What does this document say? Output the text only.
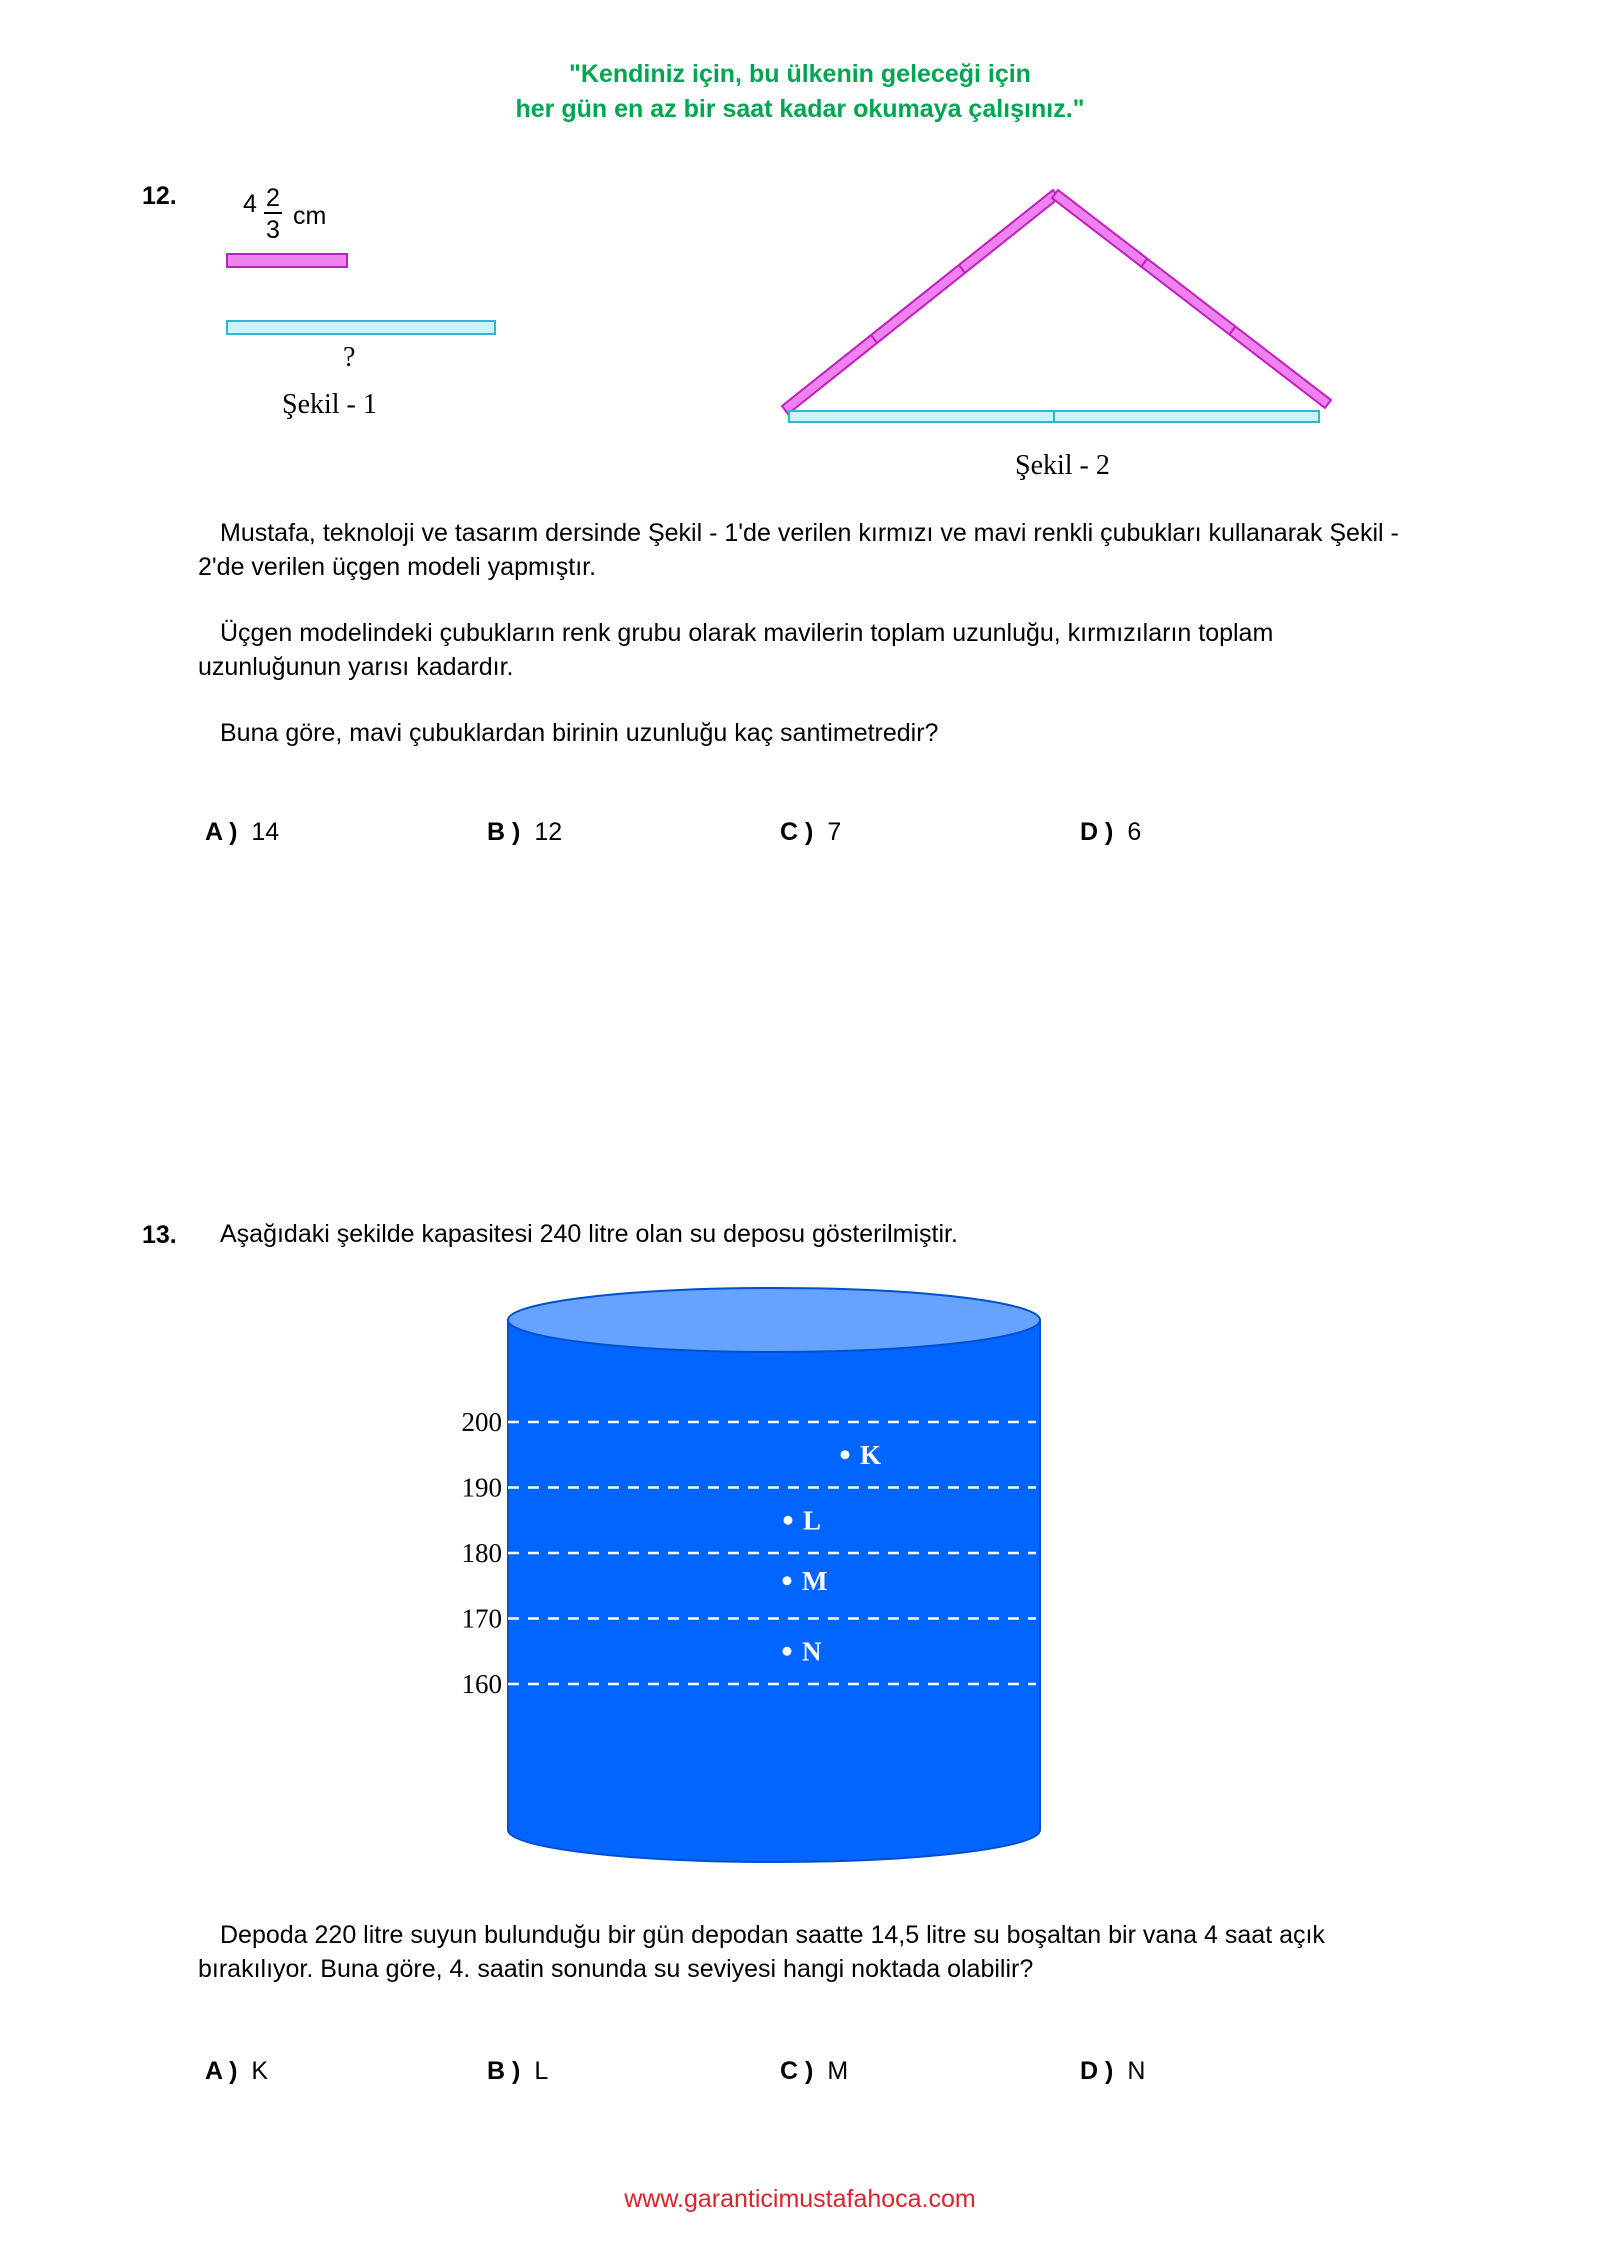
"Kendiniz için, bu ülkenin geleceği için
her gün en az bir saat kadar okumaya çalışınız."
12.	4 2
3 cm
?
Şekil - 1
Şekil - 2
Mustafa, teknoloji ve tasarım dersinde Şekil - 1'de verilen kırmızı ve mavi renkli çubukları kullanarak Şekil - 2'de verilen üçgen modeli yapmıştır.
Üçgen modelindeki çubukların renk grubu olarak mavilerin toplam uzunluğu, kırmızıların toplam uzunluğunun yarısı kadardır.
Buna göre, mavi çubuklardan birinin uzunluğu kaç santimetredir?
A ) 14	B ) 12	C ) 7	D ) 6
13. Aşağıdaki şekilde kapasitesi 240 litre olan su deposu gösterilmiştir.
200
190
180
170
160
K
L
M
N
Depoda 220 litre suyun bulunduğu bir gün depodan saatte 14,5 litre su boşaltan bir vana 4 saat açık bırakılıyor. Buna göre, 4. saatin sonunda su seviyesi hangi noktada olabilir?
A ) K	B ) L	C ) M	D ) N
www.garanticimustafahoca.com
